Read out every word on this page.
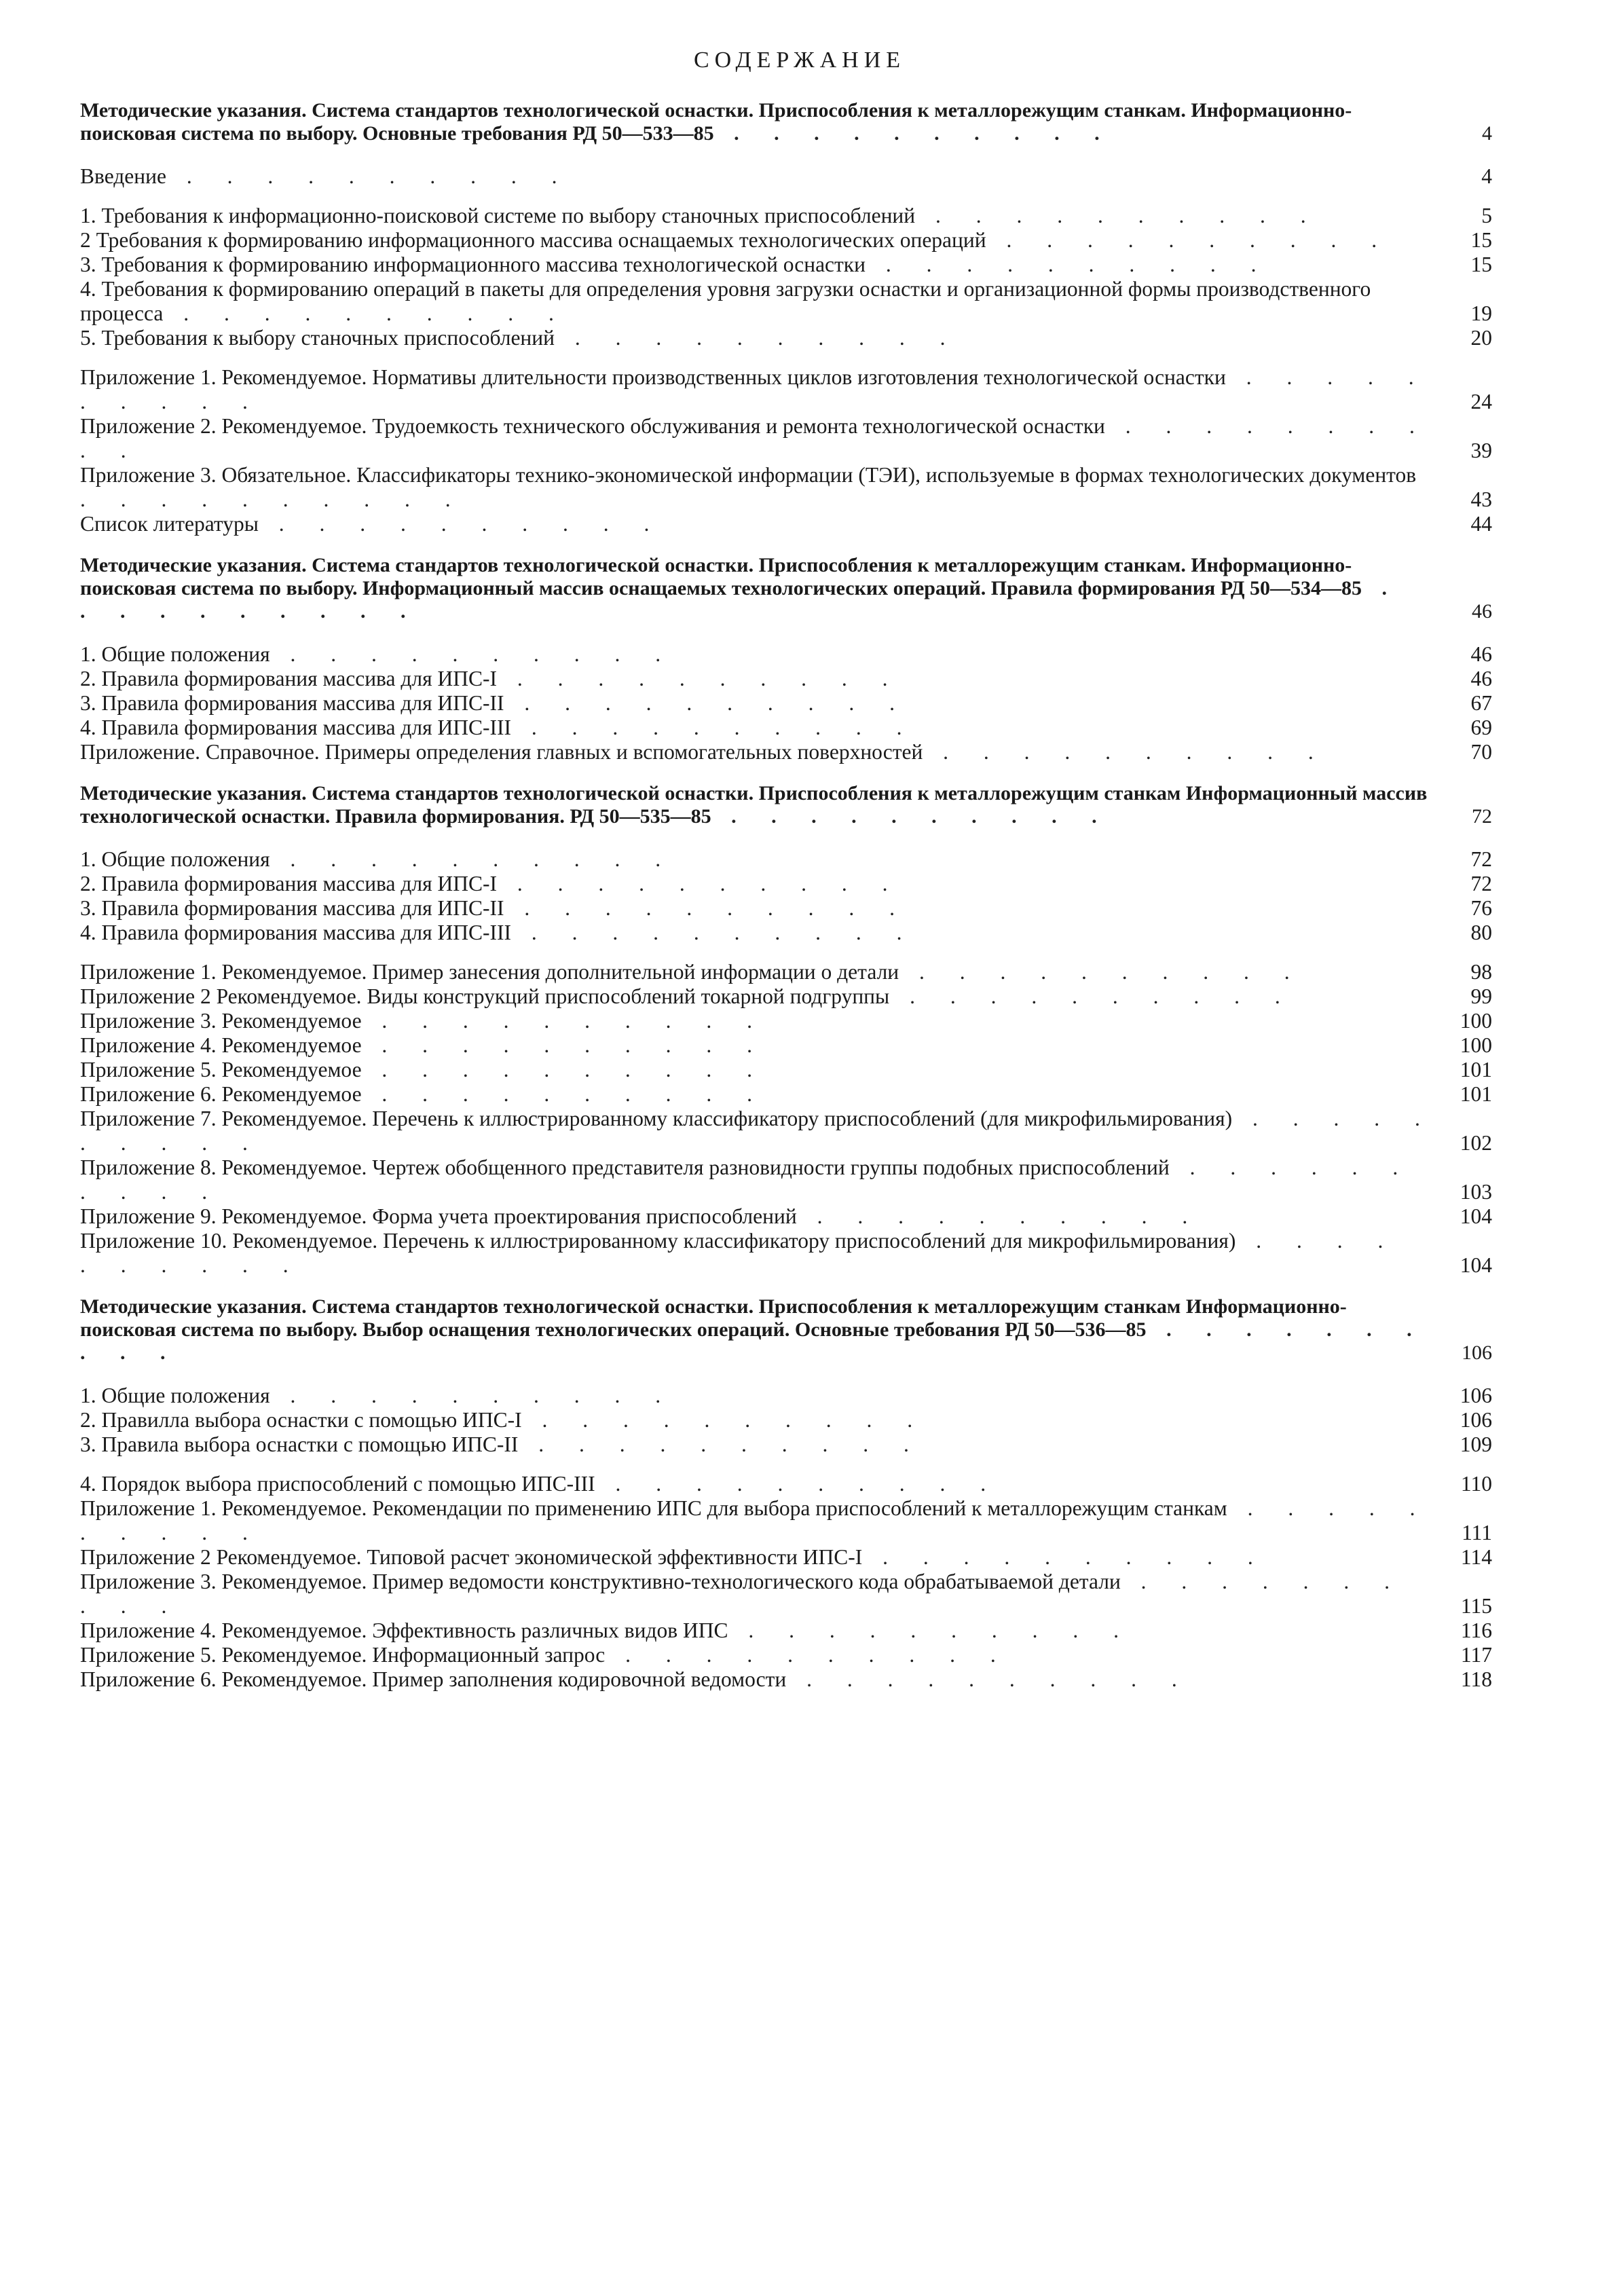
СОДЕРЖАНИЕ
Методические указания. Система стандартов технологической оснастки. Приспособления к металлорежущим станкам. Информационно-поисковая система по выбору. Основные требования РД 50—533—85 . . . . . . . . . .	4
Введение . . . . . . . . . .	4
1. Требования к информационно-поисковой системе по выбору станочных приспособлений . . . . . . . . . .	5
2 Требования к формированию информационного массива оснащаемых технологических операций . . . . . . . . . .	15
3. Требования к формированию информационного массива технологической оснастки . . . . . . . . . .	15
4. Требования к формированию операций в пакеты для определения уровня загрузки оснастки и организационной формы производственного процесса . . . . . . . . . .	19
5. Требования к выбору станочных приспособлений . . . . . . . . . .	20
Приложение 1. Рекомендуемое. Нормативы длительности производственных циклов изготовления технологической оснастки . . . . . . . . . .	24
Приложение 2. Рекомендуемое. Трудоемкость технического обслуживания и ремонта технологической оснастки . . . . . . . . . .	39
Приложение 3. Обязательное. Классификаторы технико-экономической информации (ТЭИ), используемые в формах технологических документов . . . . . . . . . .	43
Список литературы . . . . . . . . . .	44
Методические указания. Система стандартов технологической оснастки. Приспособления к металлорежущим станкам. Информационно-поисковая система по выбору. Информационный массив оснащаемых технологических операций. Правила формирования РД 50—534—85 . . . . . . . . . .	46
1. Общие положения . . . . . . . . . .	46
2. Правила формирования массива для ИПС-I . . . . . . . . . .	46
3. Правила формирования массива для ИПС-II . . . . . . . . . .	67
4. Правила формирования массива для ИПС-III . . . . . . . . . .	69
Приложение. Справочное. Примеры определения главных и вспомогательных поверхностей . . . . . . . . . .	70
Методические указания. Система стандартов технологической оснастки. Приспособления к металлорежущим станкам Информационный массив технологической оснастки. Правила формирования. РД 50—535—85 . . . . . . . . . .	72
1. Общие положения . . . . . . . . . .	72
2. Правила формирования массива для ИПС-I . . . . . . . . . .	72
3. Правила формирования массива для ИПС-II . . . . . . . . . .	76
4. Правила формирования массива для ИПС-III . . . . . . . . . .	80
Приложение 1. Рекомендуемое. Пример занесения дополнительной информации о детали . . . . . . . . . .	98
Приложение 2 Рекомендуемое. Виды конструкций приспособлений токарной подгруппы . . . . . . . . . .	99
Приложение 3. Рекомендуемое . . . . . . . . . .	100
Приложение 4. Рекомендуемое . . . . . . . . . .	100
Приложение 5. Рекомендуемое . . . . . . . . . .	101
Приложение 6. Рекомендуемое . . . . . . . . . .	101
Приложение 7. Рекомендуемое. Перечень к иллюстрированному классификатору приспособлений (для микрофильмирования) . . . . . . . . . .	102
Приложение 8. Рекомендуемое. Чертеж обобщенного представителя разновидности группы подобных приспособлений . . . . . . . . . .	103
Приложение 9. Рекомендуемое. Форма учета проектирования приспособлений . . . . . . . . . .	104
Приложение 10. Рекомендуемое. Перечень к иллюстрированному классификатору приспособлений для микрофильмирования) . . . . . . . . . .	104
Методические указания. Система стандартов технологической оснастки. Приспособления к металлорежущим станкам Информационно-поисковая система по выбору. Выбор оснащения технологических операций. Основные требования РД 50—536—85 . . . . . . . . . .	106
1. Общие положения . . . . . . . . . .	106
2. Правилла выбора оснастки с помощью ИПС-I . . . . . . . . . .	106
3. Правила выбора оснастки с помощью ИПС-II . . . . . . . . . .	109
4. Порядок выбора приспособлений с помощью ИПС-III . . . . . . . . . .	110
Приложение 1. Рекомендуемое. Рекомендации по применению ИПС для выбора приспособлений к металлорежущим станкам . . . . . . . . . .	111
Приложение 2 Рекомендуемое. Типовой расчет экономической эффективности ИПС-I . . . . . . . . . .	114
Приложение 3. Рекомендуемое. Пример ведомости конструктивно-технологического кода обрабатываемой детали . . . . . . . . . .	115
Приложение 4. Рекомендуемое. Эффективность различных видов ИПС . . . . . . . . . .	116
Приложение 5. Рекомендуемое. Информационный запрос . . . . . . . . . .	117
Приложение 6. Рекомендуемое. Пример заполнения кодировочной ведомости . . . . . . . . . .	118
